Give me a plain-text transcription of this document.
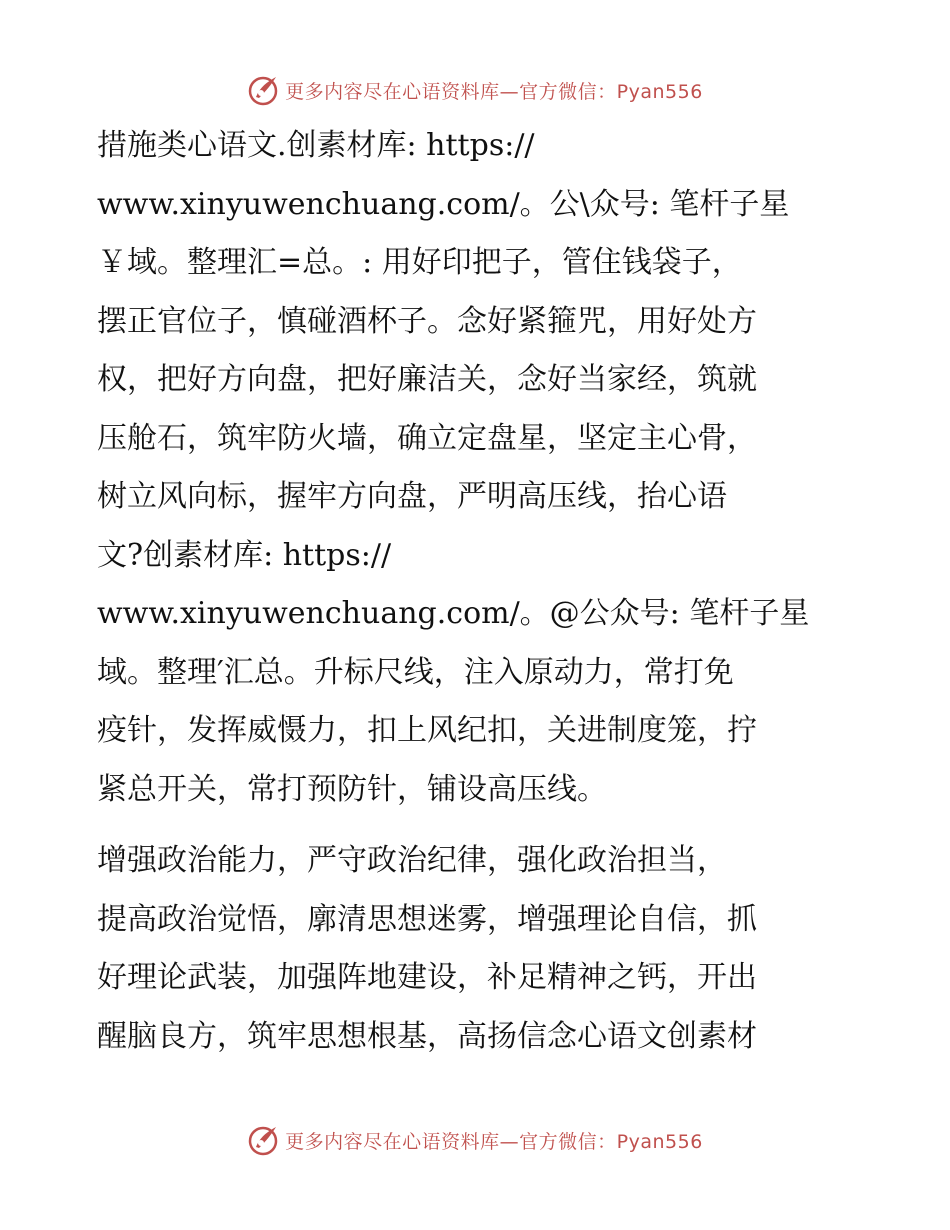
更多内容尽在心语资料库—官方微信：Pyan556

措施类心语文.创素材库: https://
www.xinyuwenchuang.com/。公\众号: 笔杆子星
￥域。整理汇=总。: 用好印把子，管住钱袋子，
摆正官位子，慎碰酒杯子。念好紧箍咒，用好处方
权，把好方向盘，把好廉洁关，念好当家经，筑就
压舱石，筑牢防火墙，确立定盘星，坚定主心骨，
树立风向标，握牢方向盘，严明高压线，抬心语
文?创素材库: https://
www.xinyuwenchuang.com/。@公众号: 笔杆子星
域。整理′汇总。升标尺线，注入原动力，常打免
疫针，发挥威慑力，扣上风纪扣，关进制度笼，拧
紧总开关，常打预防针，铺设高压线。

增强政治能力，严守政治纪律，强化政治担当，
提高政治觉悟，廓清思想迷雾，增强理论自信，抓
好理论武装，加强阵地建设，补足精神之钙，开出
醒脑良方，筑牢思想根基，高扬信念心语文创素材

更多内容尽在心语资料库—官方微信：Pyan556
